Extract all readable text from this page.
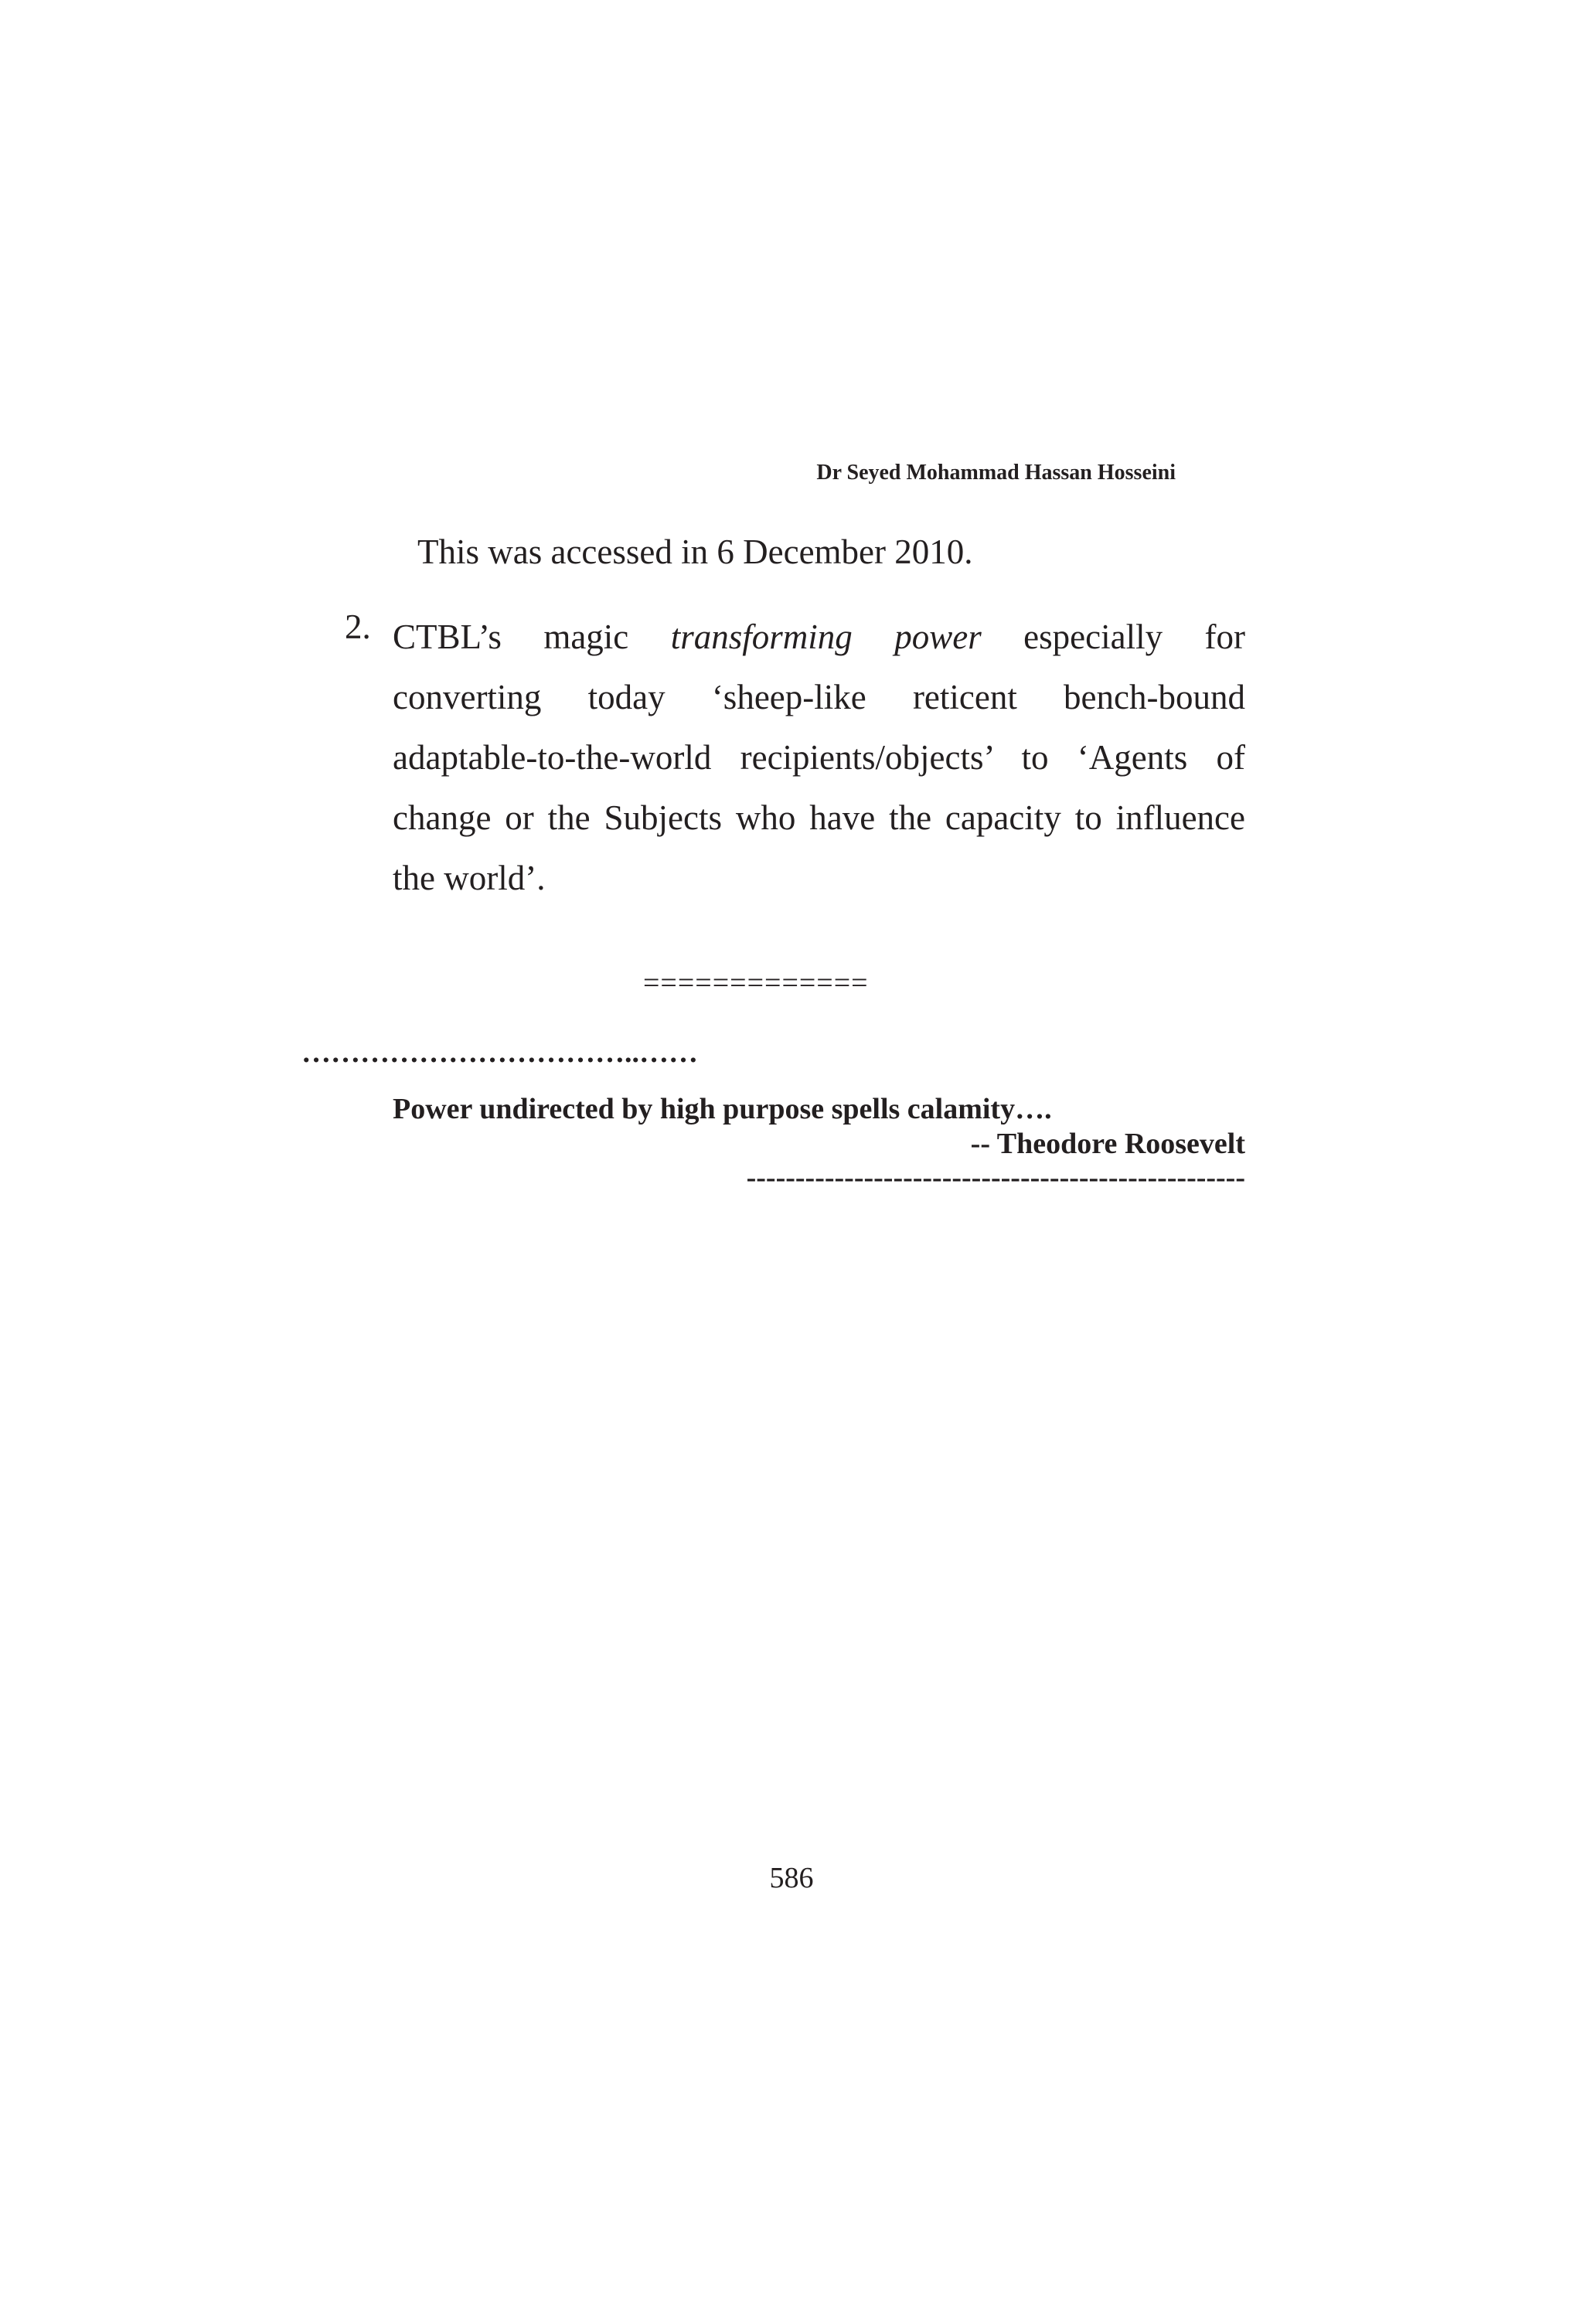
Dr Seyed Mohammad Hassan Hosseini
This was accessed in 6 December 2010.
2. CTBL’s magic transforming power especially for
converting today ‘sheep-like reticent bench-bound
adaptable-to-the-world recipients/objects’ to ‘Agents of
change or the Subjects who have the capacity to influence
the world’.
=============
……………………………..……
Power undirected by high purpose spells calamity….
-- Theodore Roosevelt
---------------------------------------------------
586
